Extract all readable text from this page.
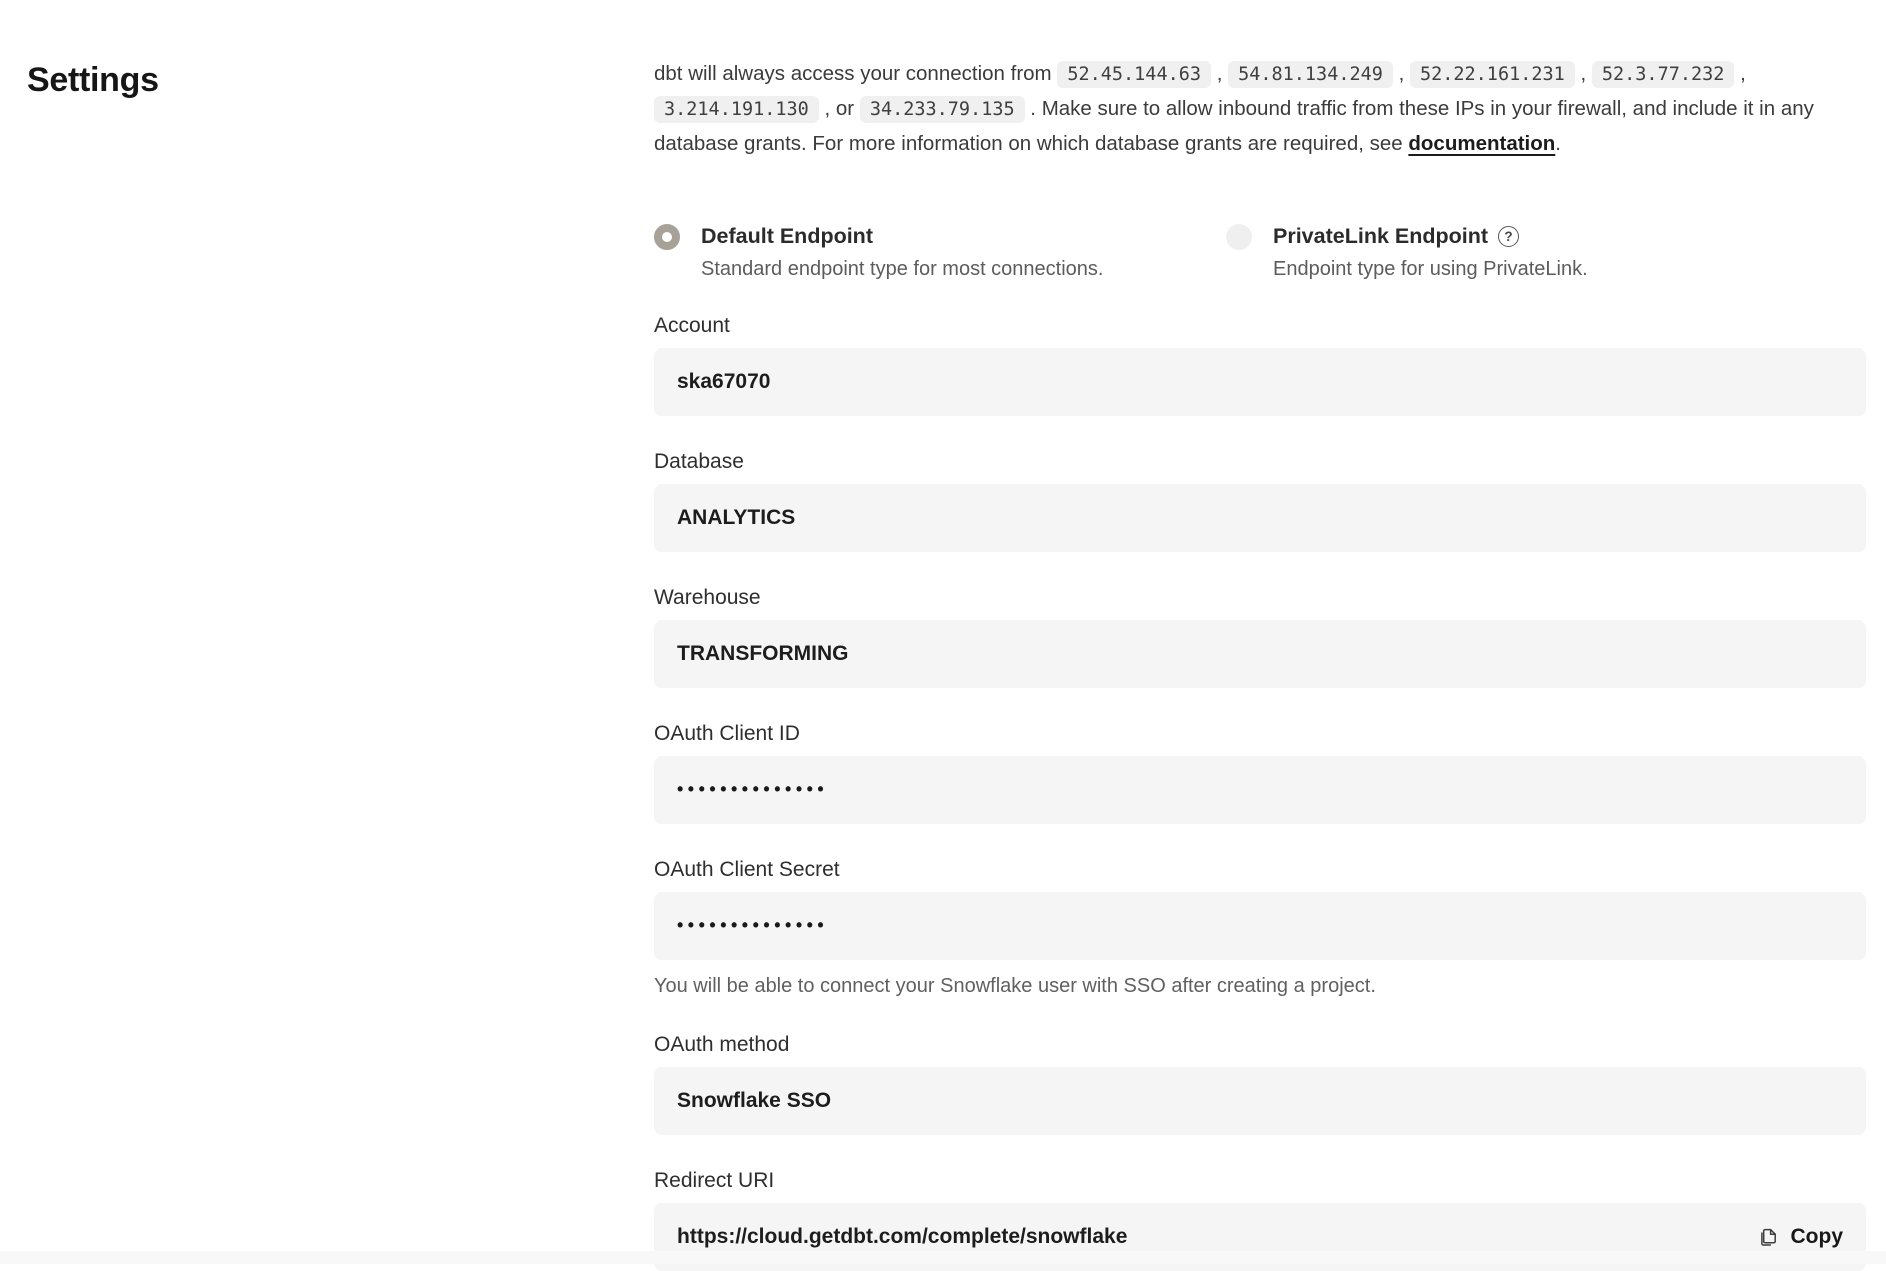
Settings	dbt will always access your connection from 52.45.144.63 , 54.81.134.249 , 52.22.161.231 , 52.3.77.232 , 3.214.191.130 , or 34.233.79.135 . Make sure to allow inbound traffic from these IPs in your firewall, and include it in any database grants. For more information on which database grants are required, see documentation.

Default Endpoint
Standard endpoint type for most connections.
PrivateLink Endpoint	?
Endpoint type for using PrivateLink.
Account
ska67070
Database
ANALYTICS
Warehouse
TRANSFORMING
OAuth Client ID
••••••••••••••
OAuth Client Secret
••••••••••••••
You will be able to connect your Snowflake user with SSO after creating a project.
OAuth method
Snowflake SSO
Redirect URI
https://cloud.getdbt.com/complete/snowflake	Copy
